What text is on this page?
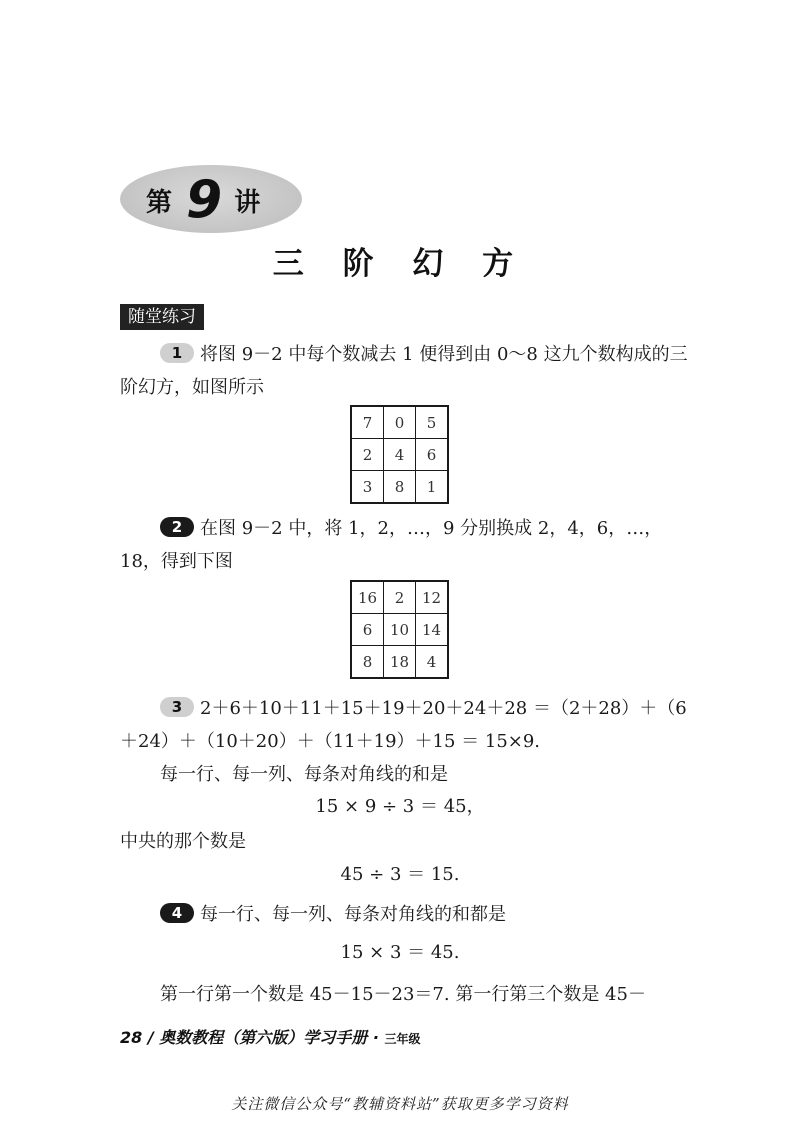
第 9 讲
三 阶 幻 方
随堂练习
1 将图 9－2 中每个数减去 1 便得到由 0～8 这九个数构成的三阶幻方，如图所示
7	0	5
2	4	6
3	8	1
2 在图 9－2 中，将 1，2，…，9 分别换成 2，4，6，…，18，得到下图
16	2	12
6	10	14
8	18	4
3 2＋6＋10＋11＋15＋19＋20＋24＋28 ＝（2＋28）＋（6＋24）＋（10＋20）＋（11＋19）＋15 ＝ 15×9.
每一行、每一列、每条对角线的和是
15 × 9 ÷ 3 ＝ 45，
中央的那个数是
45 ÷ 3 ＝ 15.
4 每一行、每一列、每条对角线的和都是
15 × 3 ＝ 45.
第一行第一个数是 45－15－23＝7. 第一行第三个数是 45－
28 / 奥数教程（第六版）学习手册 · 三年级
关注微信公众号“教辅资料站”获取更多学习资料
